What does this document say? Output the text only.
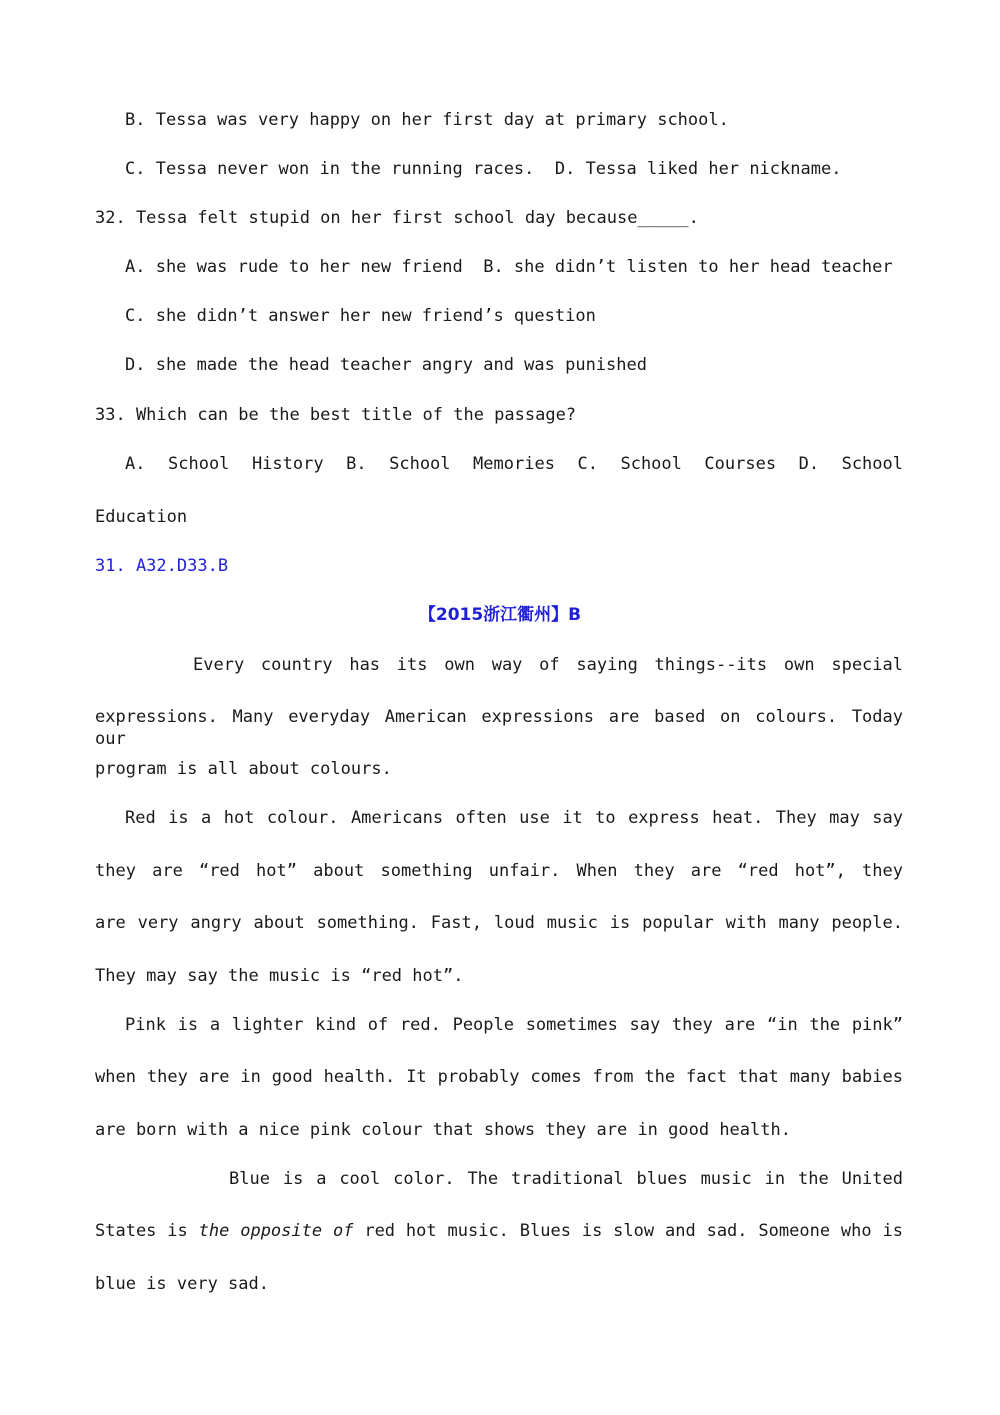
B. Tessa was very happy on her first day at primary school.
C. Tessa never won in the running races.  D. Tessa liked her nickname.
32. Tessa felt stupid on her first school day because_____.
A. she was rude to her new friend  B. she didn’t listen to her head teacher
C. she didn’t answer her new friend’s question
D. she made the head teacher angry and was punished
33. Which can be the best title of the passage?
A. School History B. School Memories C. School Courses D. School
Education
31. A32.D33.B
【2015浙江衢州】B
Every country has its own way of saying things--its own special
expressions. Many everyday American expressions are based on colours. Today our
program is all about colours.
Red is a hot colour. Americans often use it to express heat. They may say
they are “red hot” about something unfair. When they are “red hot”, they
are very angry about something. Fast, loud music is popular with many people.
They may say the music is “red hot”.
Pink is a lighter kind of red. People sometimes say they are “in the pink”
when they are in good health. It probably comes from the fact that many babies
are born with a nice pink colour that shows they are in good health.
Blue is a cool color. The traditional blues music in the United
States is the opposite of red hot music. Blues is slow and sad. Someone who is
blue is very sad.
